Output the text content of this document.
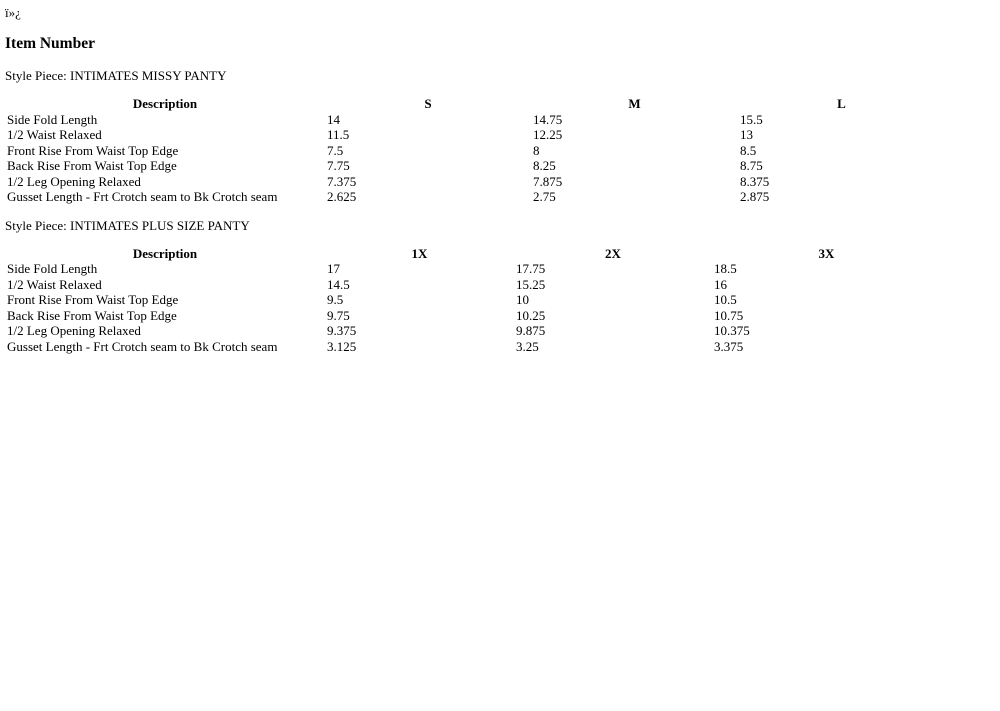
ï»¿

Item Number

Style Piece: INTIMATES MISSY PANTY

Description	S	M	L
Side Fold Length	14	14.75	15.5
1/2 Waist Relaxed	11.5	12.25	13
Front Rise From Waist Top Edge	7.5	8	8.5
Back Rise From Waist Top Edge	7.75	8.25	8.75
1/2 Leg Opening Relaxed	7.375	7.875	8.375
Gusset Length - Frt Crotch seam to Bk Crotch seam	2.625	2.75	2.875

Style Piece: INTIMATES PLUS SIZE PANTY

Description	1X	2X	3X
Side Fold Length	17	17.75	18.5
1/2 Waist Relaxed	14.5	15.25	16
Front Rise From Waist Top Edge	9.5	10	10.5
Back Rise From Waist Top Edge	9.75	10.25	10.75
1/2 Leg Opening Relaxed	9.375	9.875	10.375
Gusset Length - Frt Crotch seam to Bk Crotch seam	3.125	3.25	3.375
